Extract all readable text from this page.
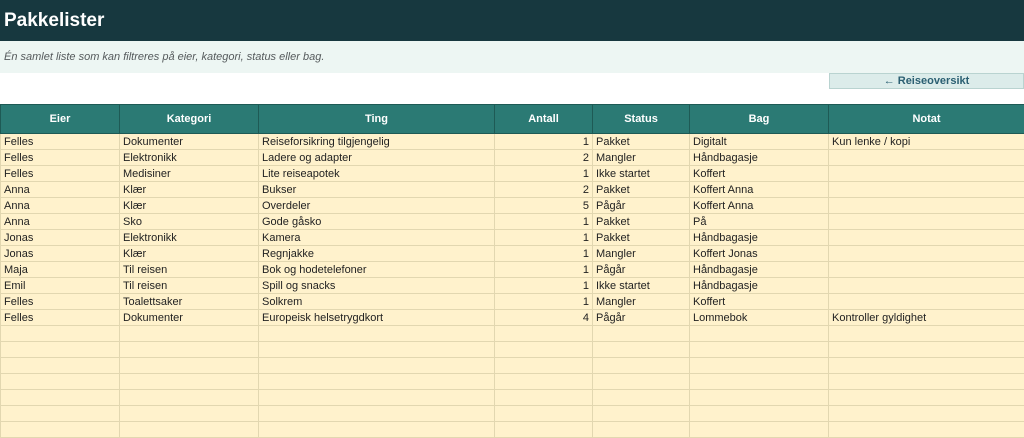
Pakkelister
Én samlet liste som kan filtreres på eier, kategori, status eller bag.
← Reiseoversikt
Eier	Kategori	Ting	Antall	Status	Bag	Notat
Felles	Dokumenter	Reiseforsikring tilgjengelig	1	Pakket	Digitalt	Kun lenke / kopi
Felles	Elektronikk	Ladere og adapter	2	Mangler	Håndbagasje	
Felles	Medisiner	Lite reiseapotek	1	Ikke startet	Koffert	
Anna	Klær	Bukser	2	Pakket	Koffert Anna	
Anna	Klær	Overdeler	5	Pågår	Koffert Anna	
Anna	Sko	Gode gåsko	1	Pakket	På	
Jonas	Elektronikk	Kamera	1	Pakket	Håndbagasje	
Jonas	Klær	Regnjakke	1	Mangler	Koffert Jonas	
Maja	Til reisen	Bok og hodetelefoner	1	Pågår	Håndbagasje	
Emil	Til reisen	Spill og snacks	1	Ikke startet	Håndbagasje	
Felles	Toalettsaker	Solkrem	1	Mangler	Koffert	
Felles	Dokumenter	Europeisk helsetrygdkort	4	Pågår	Lommebok	Kontroller gyldighet
